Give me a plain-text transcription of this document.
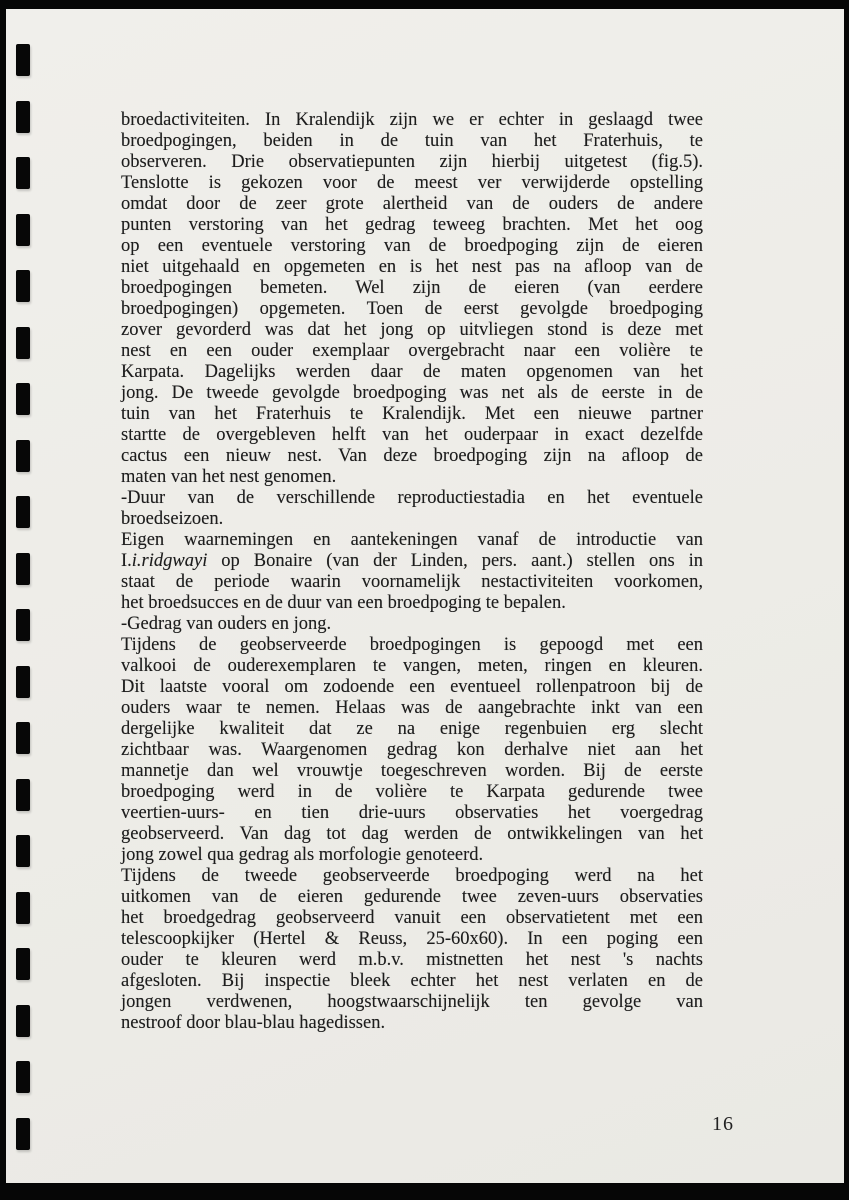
broedactiviteiten. In Kralendijk zijn we er echter in geslaagd twee
broedpogingen, beiden in de tuin van het Fraterhuis, te
observeren. Drie observatiepunten zijn hierbij uitgetest (fig.5).
Tenslotte is gekozen voor de meest ver verwijderde opstelling
omdat door de zeer grote alertheid van de ouders de andere
punten verstoring van het gedrag teweeg brachten. Met het oog
op een eventuele verstoring van de broedpoging zijn de eieren
niet uitgehaald en opgemeten en is het nest pas na afloop van de
broedpogingen bemeten. Wel zijn de eieren (van eerdere
broedpogingen) opgemeten. Toen de eerst gevolgde broedpoging
zover gevorderd was dat het jong op uitvliegen stond is deze met
nest en een ouder exemplaar overgebracht naar een volière te
Karpata. Dagelijks werden daar de maten opgenomen van het
jong. De tweede gevolgde broedpoging was net als de eerste in de
tuin van het Fraterhuis te Kralendijk. Met een nieuwe partner
startte de overgebleven helft van het ouderpaar in exact dezelfde
cactus een nieuw nest. Van deze broedpoging zijn na afloop de
maten van het nest genomen.
-Duur van de verschillende reproductiestadia en het eventuele
broedseizoen.
Eigen waarnemingen en aantekeningen vanaf de introductie van
I.i.ridgwayi op Bonaire (van der Linden, pers. aant.) stellen ons in
staat de periode waarin voornamelijk nestactiviteiten voorkomen,
het broedsucces en de duur van een broedpoging te bepalen.
-Gedrag van ouders en jong.
Tijdens de geobserveerde broedpogingen is gepoogd met een
valkooi de ouderexemplaren te vangen, meten, ringen en kleuren.
Dit laatste vooral om zodoende een eventueel rollenpatroon bij de
ouders waar te nemen. Helaas was de aangebrachte inkt van een
dergelijke kwaliteit dat ze na enige regenbuien erg slecht
zichtbaar was. Waargenomen gedrag kon derhalve niet aan het
mannetje dan wel vrouwtje toegeschreven worden. Bij de eerste
broedpoging werd in de volière te Karpata gedurende twee
veertien-uurs- en tien drie-uurs observaties het voergedrag
geobserveerd. Van dag tot dag werden de ontwikkelingen van het
jong zowel qua gedrag als morfologie genoteerd.
Tijdens de tweede geobserveerde broedpoging werd na het
uitkomen van de eieren gedurende twee zeven-uurs observaties
het broedgedrag geobserveerd vanuit een observatietent met een
telescoopkijker (Hertel & Reuss, 25-60x60). In een poging een
ouder te kleuren werd m.b.v. mistnetten het nest 's nachts
afgesloten. Bij inspectie bleek echter het nest verlaten en de
jongen verdwenen, hoogstwaarschijnelijk ten gevolge van
nestroof door blau-blau hagedissen.
16
